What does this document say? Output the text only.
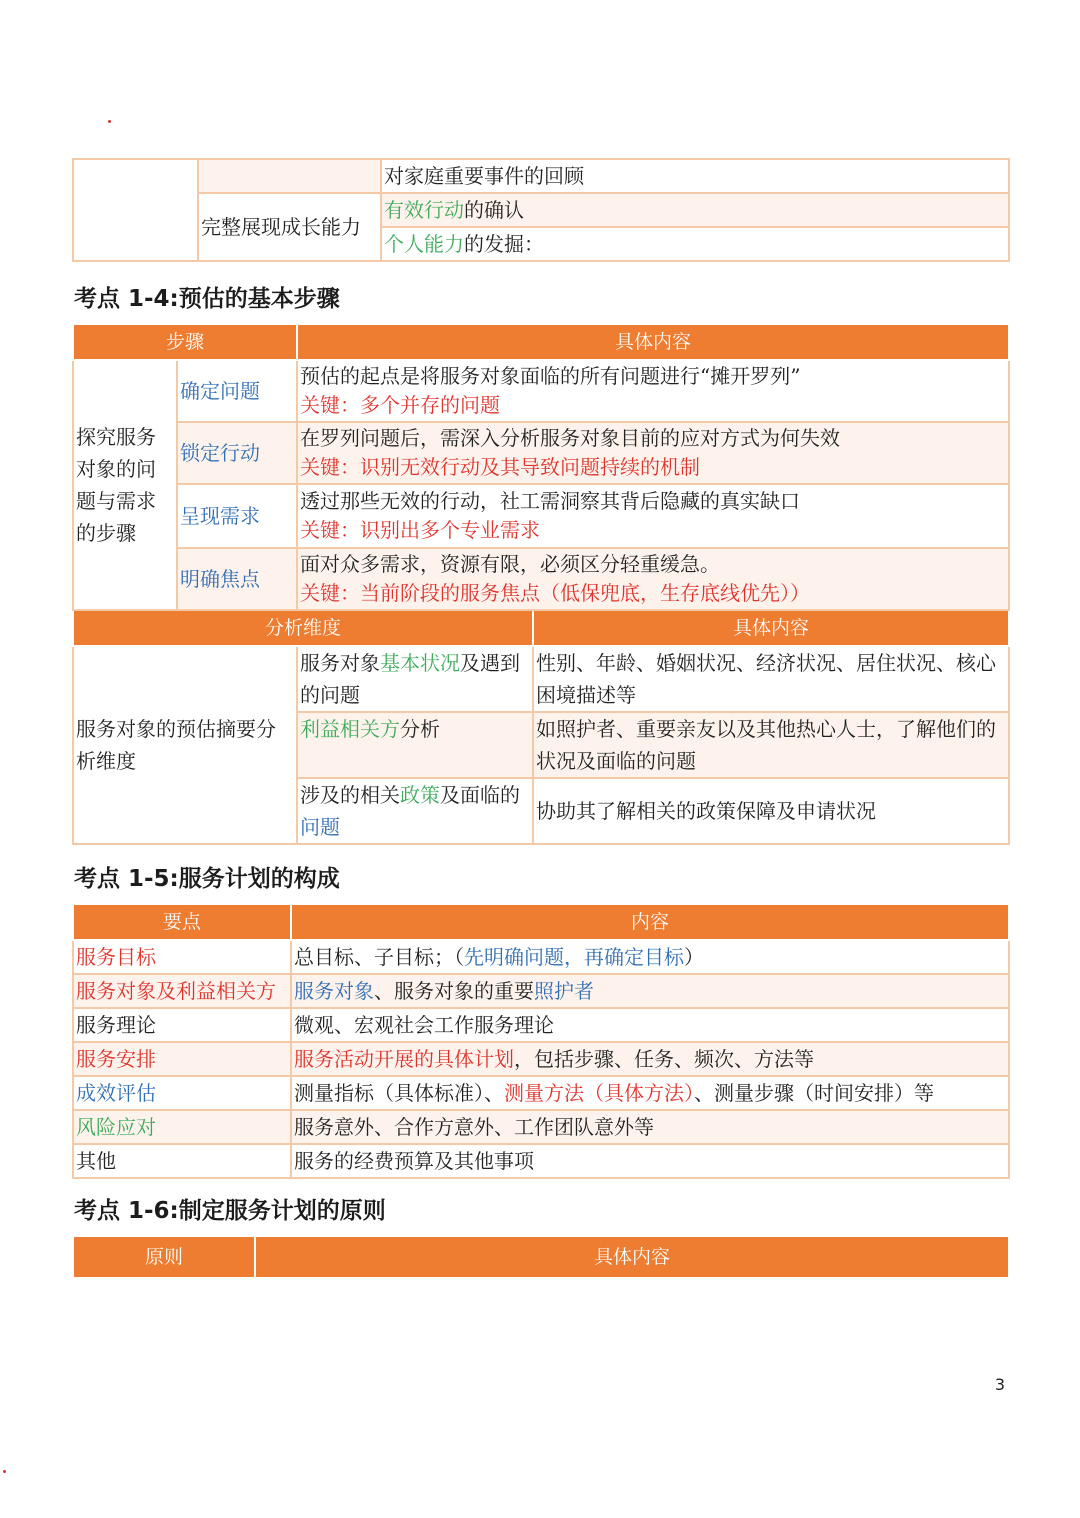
		对家庭重要事件的回顾
	完整展现成长能力	有效行动的确认
		个人能力的发掘：
考点 1-4:预估的基本步骤
步骤		具体内容	

探究服务
对象的问
题与需求
的步骤	确定问题	预估的起点是将服务对象面临的所有问题进行“摊开罗列”
关键：多个并存的问题	

	锁定行动	在罗列问题后，需深入分析服务对象目前的应对方式为何失效
关键：识别无效行动及其导致问题持续的机制	

	呈现需求	透过那些无效的行动，社工需洞察其背后隐藏的真实缺口
关键：识别出多个专业需求	

	明确焦点	面对众多需求，资源有限，必须区分轻重缓急。
关键：当前阶段的服务焦点（低保兜底，生存底线优先））	

分析维度			具体内容

服务对象的预估摘要分
析维度		服务对象基本状况及遇到的问题	性别、年龄、婚姻状况、经济状况、居住状况、核心困境描述等
		利益相关方分析	如照护者、重要亲友以及其他热心人士，了解他们的状况及面临的问题
		涉及的相关政策及面临的问题	协助其了解相关的政策保障及申请状况
考点 1-5:服务计划的构成
要点	内容
服务目标	总目标、子目标；（先明确问题，再确定目标）
服务对象及利益相关方	服务对象、服务对象的重要照护者
服务理论	微观、宏观社会工作服务理论
服务安排	服务活动开展的具体计划，包括步骤、任务、频次、方法等
成效评估	测量指标（具体标准）、测量方法（具体方法）、测量步骤（时间安排）等
风险应对	服务意外、合作方意外、工作团队意外等
其他	服务的经费预算及其他事项
考点 1-6:制定服务计划的原则
原则	具体内容
3
